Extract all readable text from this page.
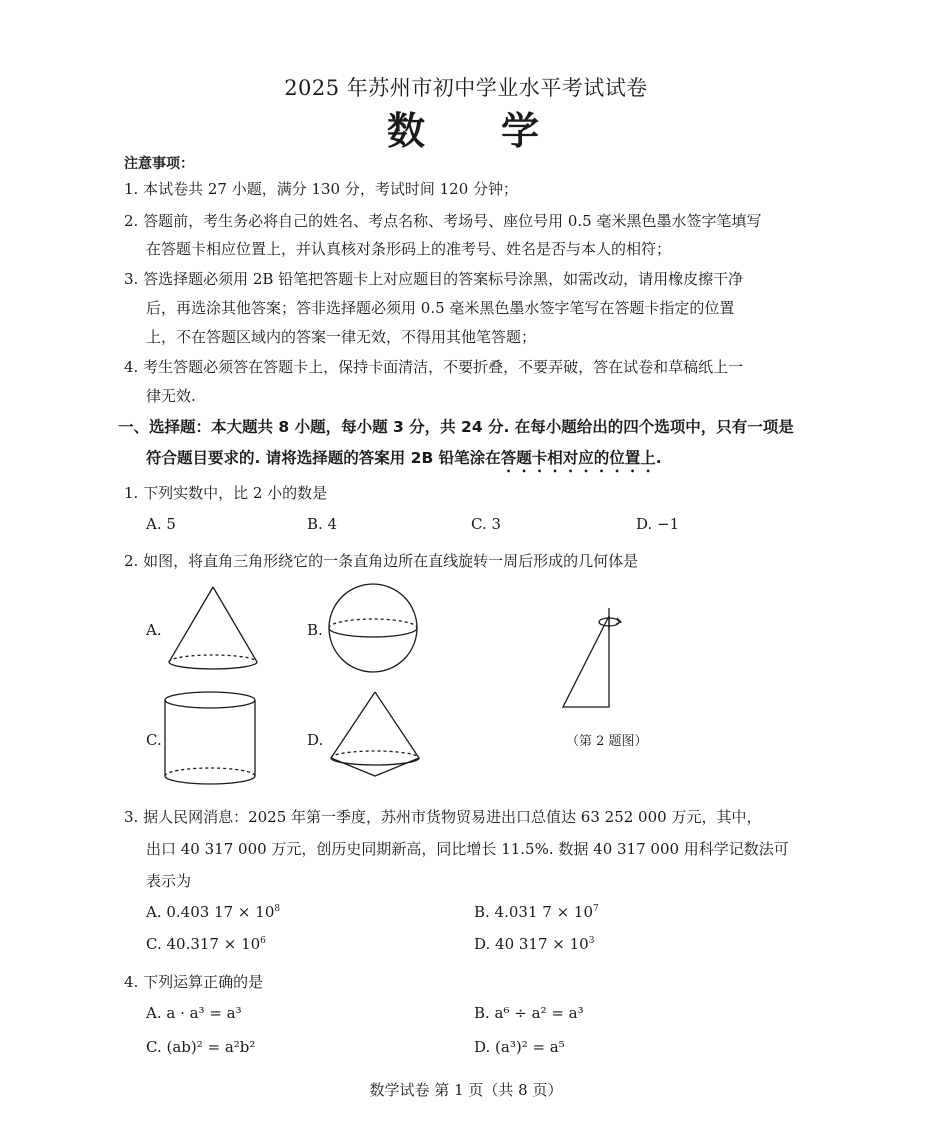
2025 年苏州市初中学业水平考试试卷
数 学
注意事项：
1. 本试卷共 27 小题，满分 130 分，考试时间 120 分钟；
2. 答题前，考生务必将自己的姓名、考点名称、考场号、座位号用 0.5 毫米黑色墨水签字笔填写
在答题卡相应位置上，并认真核对条形码上的准考号、姓名是否与本人的相符；
3. 答选择题必须用 2B 铅笔把答题卡上对应题目的答案标号涂黑，如需改动，请用橡皮擦干净
后，再选涂其他答案；答非选择题必须用 0.5 毫米黑色墨水签字笔写在答题卡指定的位置
上，不在答题区域内的答案一律无效，不得用其他笔答题；
4. 考生答题必须答在答题卡上，保持卡面清洁，不要折叠，不要弄破，答在试卷和草稿纸上一
律无效.
一、选择题：本大题共 8 小题，每小题 3 分，共 24 分. 在每小题给出的四个选项中，只有一项是
符合题目要求的. 请将选择题的答案用 2B 铅笔涂在答题卡相对应的位置上.
1. 下列实数中，比 2 小的数是
A. 5	B. 4	C. 3	D. −1
2. 如图，将直角三角形绕它的一条直角边所在直线旋转一周后形成的几何体是
A.	B.
C.	D.	（第 2 题图）
3. 据人民网消息：2025 年第一季度，苏州市货物贸易进出口总值达 63 252 000 万元，其中，
出口 40 317 000 万元，创历史同期新高，同比增长 11.5%. 数据 40 317 000 用科学记数法可
表示为
A. 0.403 $17 \times 10^8$	B. 4.031 $7 \times 10^7$
C. $40.317 \times 10^6$	D. 40 $317 \times 10^3$
4. 下列运算正确的是
A. a · a³ = a³	B. a⁶ ÷ a² = a³
C. (ab)² = a²b²	D. (a³)² = a⁵
数学试卷 第 1 页（共 8 页）
